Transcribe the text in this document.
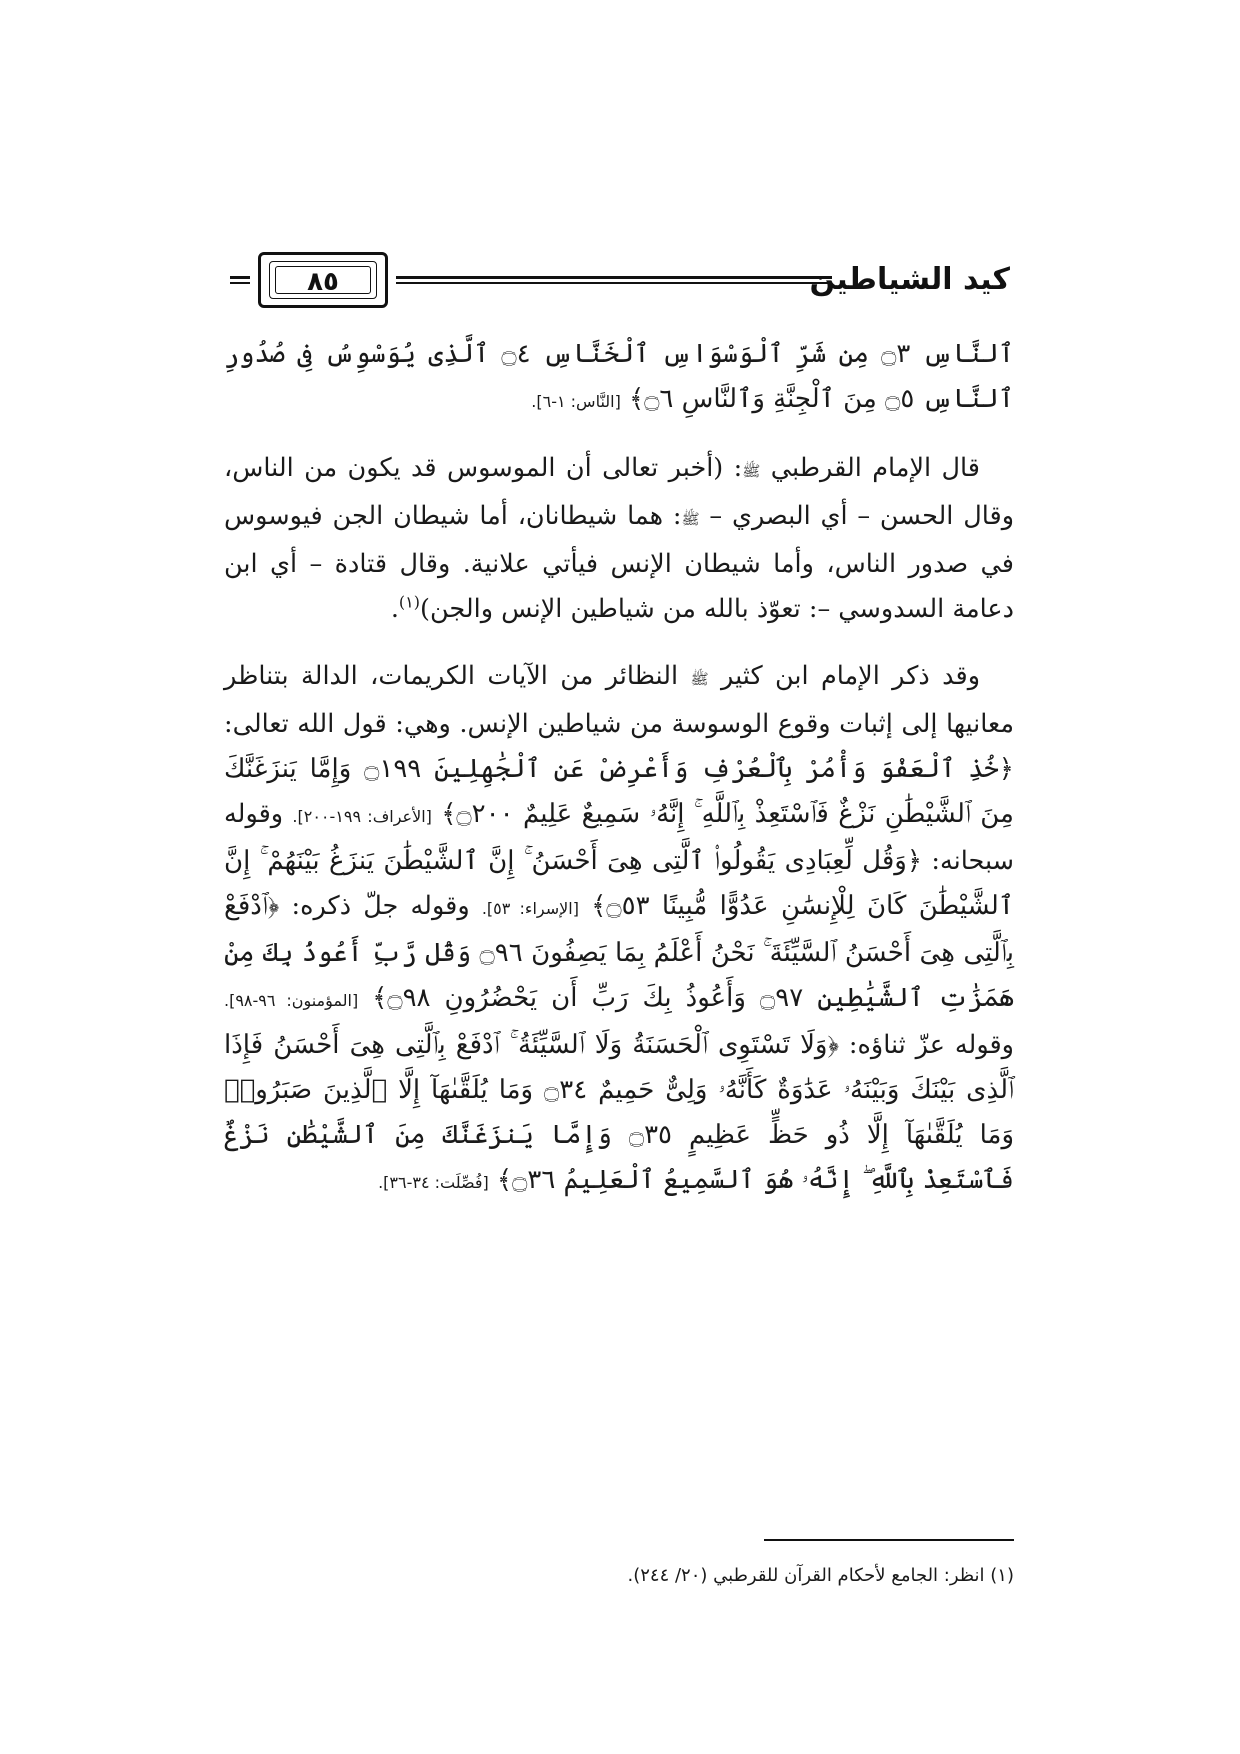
٨٥	كيد الشياطين

ٱلنَّاسِ ۝٣ مِن شَرِّ ٱلْوَسْوَاسِ ٱلْخَنَّاسِ ۝٤ ٱلَّذِى يُوَسْوِسُ فِى صُدُورِ ٱلنَّاسِ ۝٥ مِنَ ٱلْجِنَّةِ وَٱلنَّاسِ ۝٦﴾ [النَّاس: ١-٦].

قال الإمام القرطبي ﷺ: (أخبر تعالى أن الموسوس قد يكون من الناس، وقال الحسن – أي البصري – ﷺ: هما شيطانان، أما شيطان الجن فيوسوس في صدور الناس، وأما شيطان الإنس فيأتي علانية. وقال قتادة – أي ابن دعامة السدوسي –: تعوّذ بالله من شياطين الإنس والجن)$^{(١)}$.

وقد ذكر الإمام ابن كثير ﷺ النظائر من الآيات الكريمات، الدالة بتناظر معانيها إلى إثبات وقوع الوسوسة من شياطين الإنس. وهي: قول الله تعالى: ﴿خُذِ ٱلْعَفْوَ وَأْمُرْ بِٱلْعُرْفِ وَأَعْرِضْ عَنِ ٱلْجَٰهِلِينَ ۝١٩٩ وَإِمَّا يَنزَغَنَّكَ مِنَ ٱلشَّيْطَٰنِ نَزْغٌ فَٱسْتَعِذْ بِٱللَّهِ ۚ إِنَّهُۥ سَمِيعٌ عَلِيمٌ ۝٢٠٠﴾ [الأعراف: ١٩٩-٢٠٠]. وقوله سبحانه: ﴿وَقُل لِّعِبَادِى يَقُولُوا۟ ٱلَّتِى هِىَ أَحْسَنُ ۚ إِنَّ ٱلشَّيْطَٰنَ يَنزَغُ بَيْنَهُمْ ۚ إِنَّ ٱلشَّيْطَٰنَ كَانَ لِلْإِنسَٰنِ عَدُوًّا مُّبِينًا ۝٥٣﴾ [الإسراء: ٥٣]. وقوله جلّ ذكره: ﴿ٱدْفَعْ بِٱلَّتِى هِىَ أَحْسَنُ ٱلسَّيِّئَةَ ۚ نَحْنُ أَعْلَمُ بِمَا يَصِفُونَ ۝٩٦ وَقُل رَّبِّ أَعُوذُ بِكَ مِنْ هَمَزَٰتِ ٱلشَّيَٰطِينِ ۝٩٧ وَأَعُوذُ بِكَ رَبِّ أَن يَحْضُرُونِ ۝٩٨﴾ [المؤمنون: ٩٦-٩٨]. وقوله عزّ ثناؤه: ﴿وَلَا تَسْتَوِى ٱلْحَسَنَةُ وَلَا ٱلسَّيِّئَةُ ۚ ٱدْفَعْ بِٱلَّتِى هِىَ أَحْسَنُ فَإِذَا ٱلَّذِى بَيْنَكَ وَبَيْنَهُۥ عَدَٰوَةٌ كَأَنَّهُۥ وَلِىٌّ حَمِيمٌ ۝٣٤ وَمَا يُلَقَّىٰهَآ إِلَّا ٱلَّذِينَ صَبَرُوا۟ وَمَا يُلَقَّىٰهَآ إِلَّا ذُو حَظٍّ عَظِيمٍ ۝٣٥ وَإِمَّا يَنزَغَنَّكَ مِنَ ٱلشَّيْطَٰنِ نَزْغٌ فَٱسْتَعِذْ بِٱللَّهِ ۖ إِنَّهُۥ هُوَ ٱلسَّمِيعُ ٱلْعَلِيمُ ۝٣٦﴾ [فُصِّلَت: ٣٤-٣٦].

(١) انظر: الجامع لأحكام القرآن للقرطبي (٢٠/ ٢٤٤).
